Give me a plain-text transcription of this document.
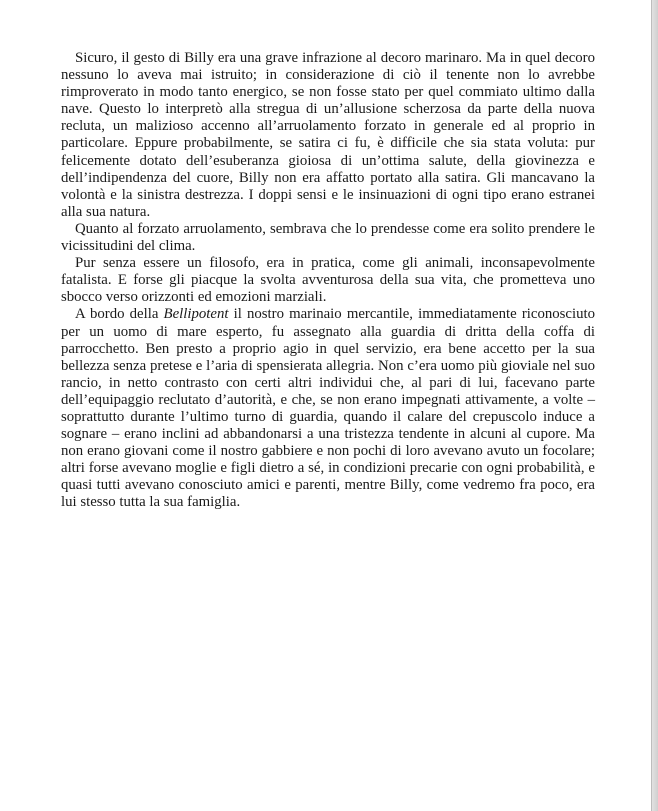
Sicuro, il gesto di Billy era una grave infrazione al decoro marinaro. Ma in quel decoro nessuno lo aveva mai istruito; in considerazione di ciò il tenente non lo avrebbe rimproverato in modo tanto energico, se non fosse stato per quel commiato ultimo dalla nave. Questo lo interpretò alla stregua di un’allusione scherzosa da parte della nuova recluta, un malizioso accenno all’arruolamento forzato in generale ed al proprio in particolare. Eppure probabilmente, se satira ci fu, è difficile che sia stata voluta: pur felicemente dotato dell’esuberanza gioiosa di un’ottima salute, della giovinezza e dell’indipendenza del cuore, Billy non era affatto portato alla satira. Gli mancavano la volontà e la sinistra destrezza. I doppi sensi e le insinuazioni di ogni tipo erano estranei alla sua natura.

Quanto al forzato arruolamento, sembrava che lo prendesse come era solito prendere le vicissitudini del clima.

Pur senza essere un filosofo, era in pratica, come gli animali, inconsapevolmente fatalista. E forse gli piacque la svolta avventurosa della sua vita, che prometteva uno sbocco verso orizzonti ed emozioni marziali.

A bordo della Bellipotent il nostro marinaio mercantile, immediatamente riconosciuto per un uomo di mare esperto, fu assegnato alla guardia di dritta della coffa di parrocchetto. Ben presto a proprio agio in quel servizio, era bene accetto per la sua bellezza senza pretese e l’aria di spensierata allegria. Non c’era uomo più gioviale nel suo rancio, in netto contrasto con certi altri individui che, al pari di lui, facevano parte dell’equipaggio reclutato d’autorità, e che, se non erano impegnati attivamente, a volte – soprattutto durante l’ultimo turno di guardia, quando il calare del crepuscolo induce a sognare – erano inclini ad abbandonarsi a una tristezza tendente in alcuni al cupore. Ma non erano giovani come il nostro gabbiere e non pochi di loro avevano avuto un focolare; altri forse avevano moglie e figli dietro a sé, in condizioni precarie con ogni probabilità, e quasi tutti avevano conosciuto amici e parenti, mentre Billy, come vedremo fra poco, era lui stesso tutta la sua famiglia.
